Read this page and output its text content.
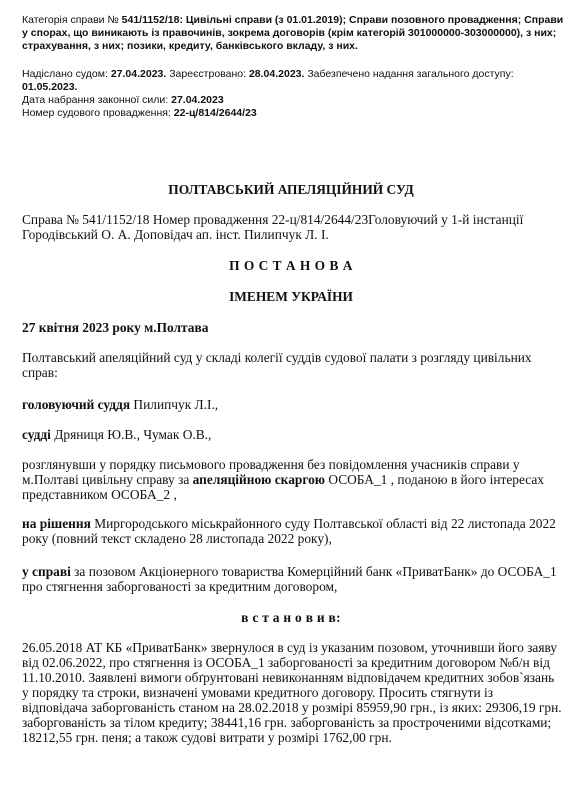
Категорія справи № 541/1152/18: Цивільні справи (з 01.01.2019); Справи позовного провадження; Справи у спорах, що виникають із правочинів, зокрема договорів (крім категорій 301000000-303000000), з них; страхування, з них; позики, кредиту, банківського вкладу, з них.
Надіслано судом: 27.04.2023. Зареєстровано: 28.04.2023. Забезпечено надання загального доступу: 01.05.2023.
Дата набрання законної сили: 27.04.2023
Номер судового провадження: 22-ц/814/2644/23
ПОЛТАВСЬКИЙ АПЕЛЯЦІЙНИЙ СУД
Справа № 541/1152/18 Номер провадження 22-ц/814/2644/23Головуючий у 1-й інстанції Городівський О. А. Доповідач ап. інст. Пилипчук Л. І.
П О С Т А Н О В А
ІМЕНЕМ УКРАЇНИ
27 квітня 2023 року м.Полтава
Полтавський апеляційний суд у складі колегії суддів судової палати з розгляду цивільних справ:
головуючий суддя Пилипчук Л.І.,
судді Дряниця Ю.В., Чумак О.В.,
розглянувши у порядку письмового провадження без повідомлення учасників справи у м.Полтаві цивільну справу за апеляційною скаргою ОСОБА_1 , поданою в його інтересах представником ОСОБА_2 ,
на рішення Миргородського міськрайонного суду Полтавської області від 22 листопада 2022 року (повний текст складено 28 листопада 2022 року),
у справі за позовом Акціонерного товариства Комерційний банк «ПриватБанк» до ОСОБА_1 про стягнення заборгованості за кредитним договором,
в с т а н о в и в:
26.05.2018 АТ КБ «ПриватБанк» звернулося в суд із указаним позовом, уточнивши його заяву від 02.06.2022, про стягнення із ОСОБА_1 заборгованості за кредитним договором №б/н від 11.10.2010. Заявлені вимоги обґрунтовані невиконанням відповідачем кредитних зобов`язань у порядку та строки, визначені умовами кредитного договору. Просить стягнути із відповідача заборгованість станом на 28.02.2018 у розмірі 85959,90 грн., із яких: 29306,19 грн. заборгованість за тілом кредиту; 38441,16 грн. заборгованість за простроченими відсотками; 18212,55 грн. пеня; а також судові витрати у розмірі 1762,00 грн.
